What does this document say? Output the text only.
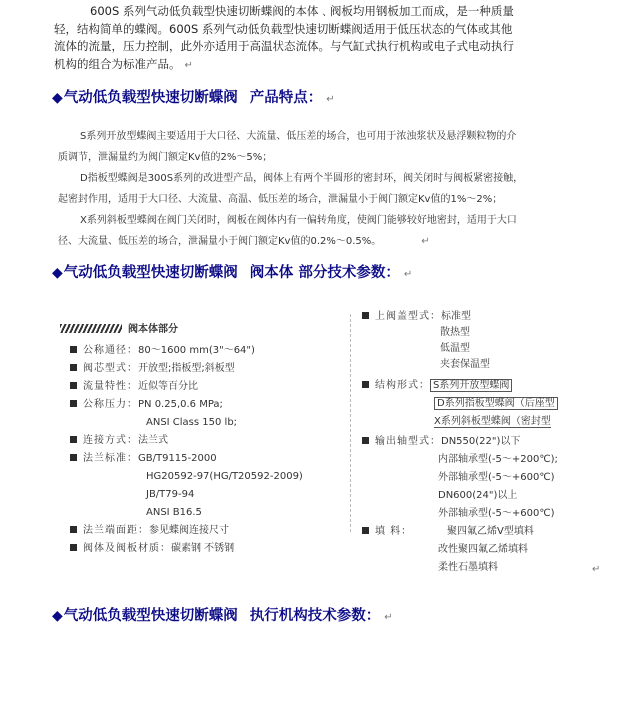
600S 系列气动低负载型快速切断蝶阀的本体﹑阀板均用钢板加工而成，是一种质量
轻，结构简单的蝶阀。600S 系列气动低负载型快速切断蝶阀适用于低压状态的气体或其他
流体的流量，压力控制，此外亦适用于高温状态流体。与气缸式执行机构或电子式电动执行
机构的组合为标准产品。 ↵
◆气动低负载型快速切断蝶阀 产品特点： ↵
S系列开放型蝶阀主要适用于大口径、大流量、低压差的场合，也可用于浓浊浆状及悬浮颗粒物的介
质调节，泄漏量约为阀门额定Kv值的2%～5%；
D指板型蝶阀是300S系列的改进型产品，阀体上有两个半圆形的密封环，阀关闭时与阀板紧密接触，
起密封作用，适用于大口径、大流量、高温、低压差的场合，泄漏量小于阀门额定Kv值的1%～2%；
X系列斜板型蝶阀在阀门关闭时，阀板在阀体内有一偏转角度，使阀门能够较好地密封，适用于大口
径、大流量、低压差的场合，泄漏量小于阀门额定Kv值的0.2%～0.5%。	↵
◆气动低负载型快速切断蝶阀 阀本体 部分技术参数： ↵
阀本体部分
公称通径：80～1600 mm(3"～64")
阀芯型式：开放型;指板型;斜板型
流量特性：近似等百分比
公称压力：PN 0.25,0.6 MPa;
ANSI Class 150 lb;
连接方式：法兰式
法兰标准：GB/T9115-2000
HG20592-97(HG/T20592-2009)
JB/T79-94
ANSI B16.5
法兰端面距：参见蝶阀连接尺寸
阀体及阀板材质：碳素钢 不锈钢
上阀盖型式：标准型
散热型
低温型
夹套保温型
结构形式： S系列开放型蝶阀
D系列指板型蝶阀（后座型
X系列斜板型蝶阀（密封型
输出轴型式：DN550(22")以下
内部轴承型(-5～+200℃);
外部轴承型(-5～+600℃)
DN600(24")以上
外部轴承型(-5～+600℃)
填 料：	聚四氟乙烯V型填料
改性聚四氟乙烯填料
柔性石墨填料	↵
◆气动低负载型快速切断蝶阀 执行机构技术参数： ↵
